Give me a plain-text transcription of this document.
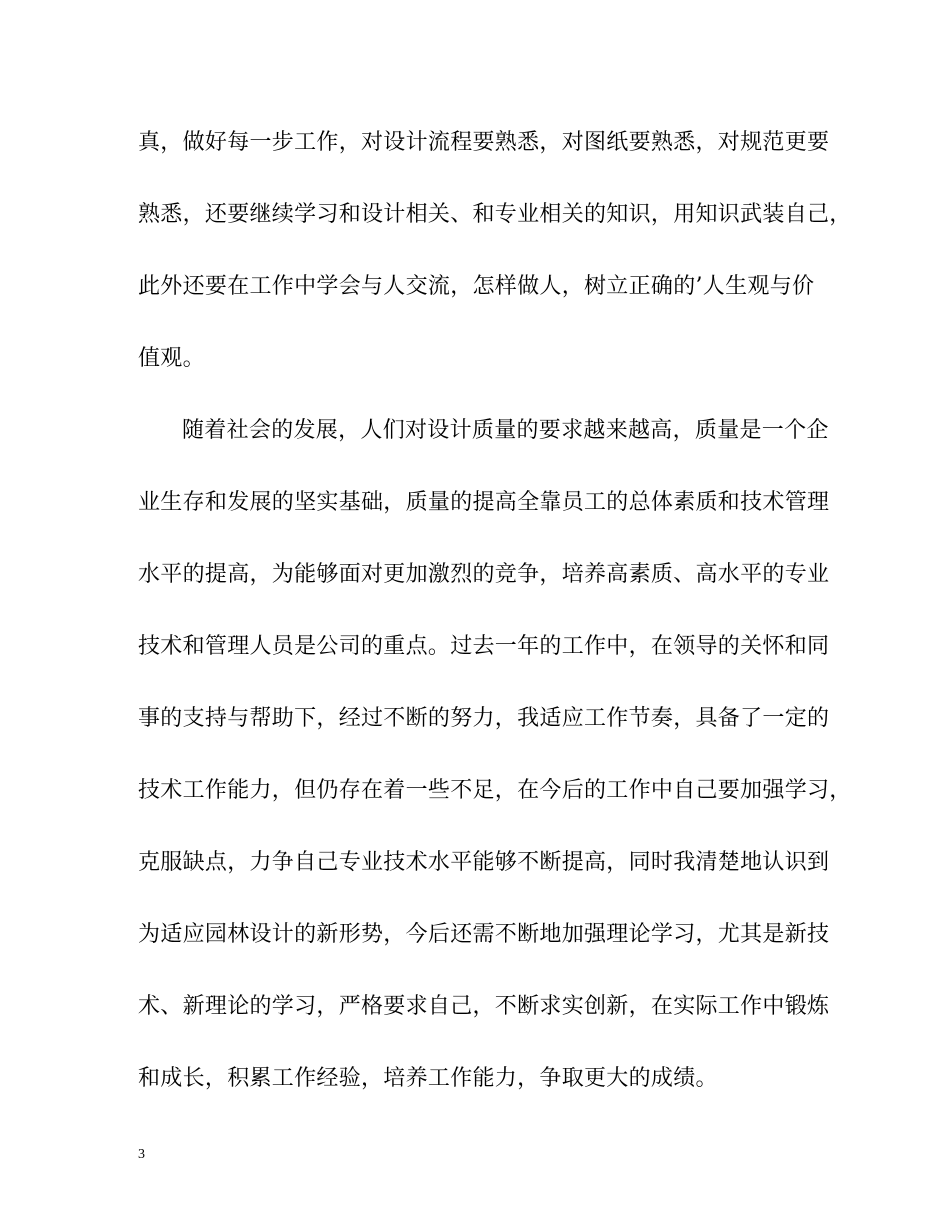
真，做好每一步工作，对设计流程要熟悉，对图纸要熟悉，对规范更要
熟悉，还要继续学习和设计相关、和专业相关的知识，用知识武装自己，
此外还要在工作中学会与人交流，怎样做人，树立正确的’人生观与价
值观。
随着社会的发展，人们对设计质量的要求越来越高，质量是一个企
业生存和发展的坚实基础，质量的提高全靠员工的总体素质和技术管理
水平的提高，为能够面对更加激烈的竞争，培养高素质、高水平的专业
技术和管理人员是公司的重点。过去一年的工作中，在领导的关怀和同
事的支持与帮助下，经过不断的努力，我适应工作节奏，具备了一定的
技术工作能力，但仍存在着一些不足，在今后的工作中自己要加强学习，
克服缺点，力争自己专业技术水平能够不断提高，同时我清楚地认识到
为适应园林设计的新形势，今后还需不断地加强理论学习，尤其是新技
术、新理论的学习，严格要求自己，不断求实创新，在实际工作中锻炼
和成长，积累工作经验，培养工作能力，争取更大的成绩。
3
